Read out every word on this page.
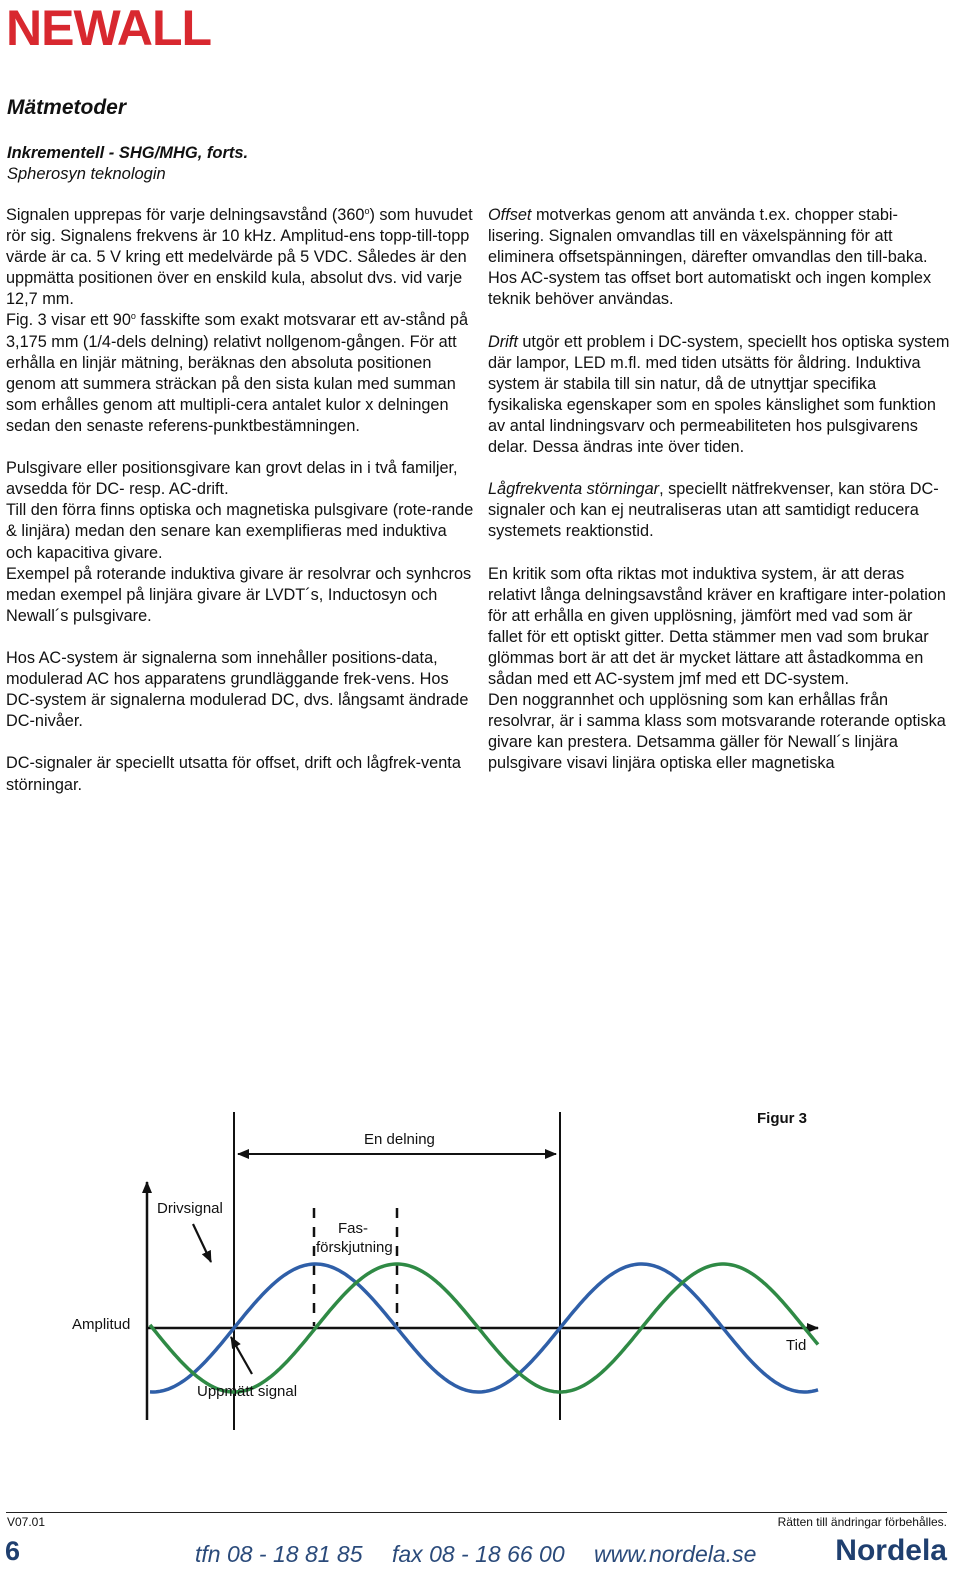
NEWALL
Mätmetoder
Inkrementell - SHG/MHG, forts.
Spherosyn teknologin

Signalen upprepas för varje delningsavstånd (360$^o$) som huvudet rör sig. Signalens frekvens är 10 kHz. Amplitud-ens topp-till-topp värde är ca. 5 V kring ett medelvärde på 5 VDC. Således är den uppmätta positionen över en enskild kula, absolut dvs. vid varje 12,7 mm.

Fig. 3 visar ett 90$^o$ fasskifte som exakt motsvarar ett av-stånd på 3,175 mm (1/4-dels delning) relativt nollgenom-gången. För att erhålla en linjär mätning, beräknas den absoluta positionen genom att summera sträckan på den sista kulan med summan som erhålles genom att multipli-cera antalet kulor x delningen sedan den senaste referens-punktbestämningen.

Pulsgivare eller positionsgivare kan grovt delas in i två familjer, avsedda för DC- resp. AC-drift.

Till den förra finns optiska och magnetiska pulsgivare (rote-rande & linjära) medan den senare kan exemplifieras med induktiva och kapacitiva givare.

Exempel på roterande induktiva givare är resolvrar och synhcros medan exempel på linjära givare är LVDT´s, Inductosyn och Newall´s pulsgivare.

Hos AC-system är signalerna som innehåller positions-data, modulerad AC hos apparatens grundläggande frek-vens. Hos DC-system är signalerna modulerad DC, dvs. långsamt ändrade DC-nivåer.

DC-signaler är speciellt utsatta för offset, drift och lågfrek-venta störningar.

Offset motverkas genom att använda t.ex. chopper stabi-lisering. Signalen omvandlas till en växelspänning för att eliminera offsetspänningen, därefter omvandlas den till-baka. Hos AC-system tas offset bort automatiskt och ingen komplex teknik behöver användas.

Drift utgör ett problem i DC-system, speciellt hos optiska system där lampor, LED m.fl. med tiden utsätts för åldring. Induktiva system är stabila till sin natur, då de utnyttjar specifika fysikaliska egenskaper som en spoles känslighet som funktion av antal lindningsvarv och permeabiliteten hos pulsgivarens delar. Dessa ändras inte över tiden.

Lågfrekventa störningar, speciellt nätfrekvenser, kan störa DC-signaler och kan ej neutraliseras utan att samtidigt reducera systemets reaktionstid.

En kritik som ofta riktas mot induktiva system, är att deras relativt långa delningsavstånd kräver en kraftigare inter-polation för att erhålla en given upplösning, jämfört med vad som är fallet för ett optiskt gitter. Detta stämmer men vad som brukar glömmas bort är att det är mycket lättare att åstadkomma en sådan med ett AC-system jmf med ett DC-system.

Den noggrannhet och upplösning som kan erhållas från resolvrar, är i samma klass som motsvarande roterande optiska givare kan prestera. Detsamma gäller för Newall´s linjära pulsgivare visavi linjära optiska eller magnetiska

En delning
Figur 3
Drivsignal
Fas-
förskjutning
Amplitud
Tid
Uppmätt signal
V07.01	Rätten till ändringar förbehålles.
6	tfn 08 - 18 81 85 fax 08 - 18 66 00 www.nordela.se	Nordela
